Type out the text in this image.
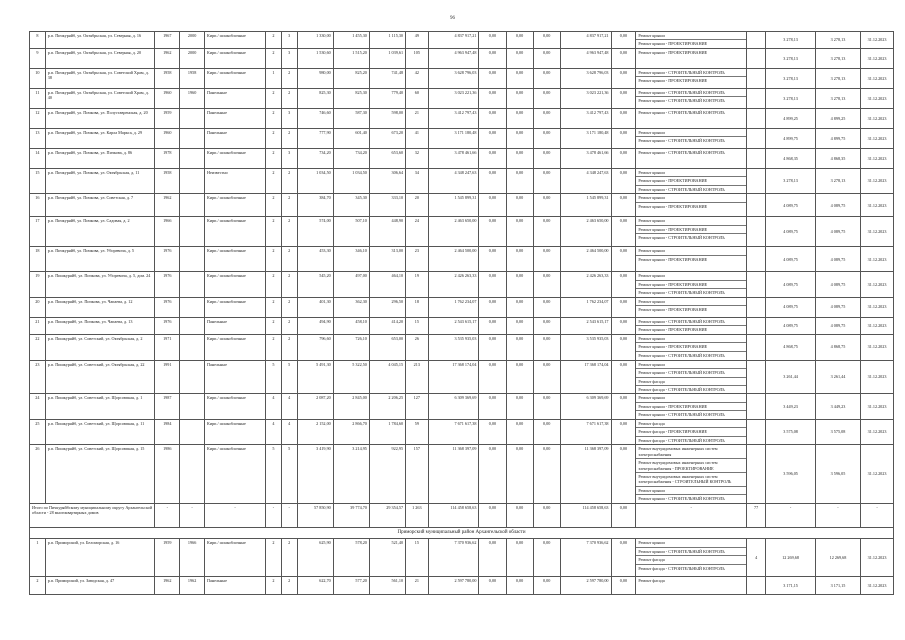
96
8	р.п. Пичкуряйб, ул. Октябрьская, ул. Северная, д. 16	1967	2000	Кирп./ шлакоблочные	2	3	1 330,00	1 455,30	1 115,30	49	4 837 917,21	0,00	0,00	0,00	4 837 917,21	0,00	Ремонт крыши
Ремонт крыши - ПРОЕКТИРОВАНИЕ		3 278,13	3 278,13	31.12.2023
9	р.п. Пичкуряйб, ул. Октябрьская, ул. Северная, д. 20	1962	2000	Кирп./ шлакоблочные	2	3	1 530,60	1 515,20	1 039,61	105	4 963 947,48	0,00	0,00	0,00	4 963 947,48	0,00	Ремонт крыши - ПРОЕКТИРОВАНИЕ		3 278,13	3 278,13	31.12.2023
10	р.п. Пичкуряйб, ул. Октябрьская, ул. Советский Храм, д. 38	1958	1958	Кирп./ шлакоблочные	1	2	980,00	825,20	741,48	42	3 628 796,03	0,00	0,00	0,00	3 628 796,03	0,00	Ремонт крыши - СТРОИТЕЛЬНЫЙ КОНТРОЛЬ
Ремонт крыши - ПРОЕКТИРОВАНИЕ		3 278,13	3 278,13	31.12.2023
11	р.п. Пичкуряйб, ул. Октябрьская, ул. Советский Храм, д. 40	1960	1960	Панельные	2	2	825,30	825,30	779,40	60	3 023 221,36	0,00	0,00	0,00	3 023 221,36	0,00	Ремонт крыши - СТРОИТЕЛЬНЫЙ КОНТРОЛЬ
Ремонт крыши - СТРОИТЕЛЬНЫЙ КОНТРОЛЬ		3 278,13	3 278,13	31.12.2023
12	р.п. Пичкуряйб, ул. Пичкова, ул. Полуставренская, д. 20	1959		Панельные	2	3	746,60	587,30	598,00	21	3 412 797,43	0,00	0,00	0,00	3 412 797,43	0,00	Ремонт крыши - СТРОИТЕЛЬНЫЙ КОНТРОЛЬ		4 899,25	4 899,25	31.12.2023
13	р.п. Пичкуряйб, ул. Пичкова, ул. Карла Маркса, д. 29	1960		Панельные	2	2	777,90	601,40	673,20	41	3 171 180,48	0,00	0,00	0,00	3 171 180,48	0,00	Ремонт крыши
Ремонт крыши - СТРОИТЕЛЬНЫЙ КОНТРОЛЬ		4 899,75	4 899,75	31.12.2023
14	р.п. Пичкуряйб, ул. Пичкова, ул. Пичкова, д. 86	1978		Кирп./ шлакоблочные	2	3	734,20	734,20	653,60	32	3 478 461,66	0,00	0,00	0,00	3 478 461,66	0,00	Ремонт крыши - СТРОИТЕЛЬНЫЙ КОНТРОЛЬ		4 868,35	4 868,35	31.12.2023
15	р.п. Пичкуряйб, ул. Пичкова, ул. Октябрьская, д. 11	1958		Неизвестно	2	2	1 034,50	1 034,50	306,64	34	4 348 247,63	0,00	0,00	0,00	4 348 247,63	0,00	Ремонт крыши
Ремонт крыши - ПРОЕКТИРОВАНИЕ
Ремонт крыши - СТРОИТЕЛЬНЫЙ КОНТРОЛЬ		3 278,13	3 278,13	31.12.2023
16	р.п. Пичкуряйб, ул. Пичкова, ул. Советская, д. 7	1962		Кирп./ шлакоблочные	2	2	384,70	345,30	333,10	20	1 545 899,31	0,00	0,00	0,00	1 545 899,31	0,00	Ремонт крыши
Ремонт крыши - ПРОЕКТИРОВАНИЕ		4 089,75	4 089,75	31.12.2023
17	р.п. Пичкуряйб, ул. Пичкова, ул. Садовая, д. 2	1966		Кирп./ шлакоблочные	2	2	574,00	507,10	448,90	24	2 463 650,00	0,00	0,00	0,00	2 463 650,00	0,00	Ремонт крыши
Ремонт крыши - ПРОЕКТИРОВАНИЕ
Ремонт крыши - СТРОИТЕЛЬНЫЙ КОНТРОЛЬ		4 089,75	4 089,75	31.12.2023
18	р.п. Пичкуряйб, ул. Пичкова, ул. Уборевича, д. 5	1976		Кирп./ шлакоблочные	2	2	453,30	346,10	313,00	23	2 464 500,00	0,00	0,00	0,00	2 464 500,00	0,00	Ремонт крыши
Ремонт крыши - ПРОЕКТИРОВАНИЕ		4 089,75	4 089,75	31.12.2023
19	р.п. Пишкуряйб, ул. Пичкова, ул. Уборевича, д. 5, дом. 24	1976		Кирп./ шлакоблочные	2	2	545,20	497,00	464,10	19	2 426 263,33	0,00	0,00	0,00	2 426 263,33	0,00	Ремонт крыши
Ремонт крыши - ПРОЕКТИРОВАНИЕ
Ремонт крыши - СТРОИТЕЛЬНЫЙ КОНТРОЛЬ		4 089,75	4 089,75	31.12.2023
20	р.п. Пишкуряйб, ул. Пичкова, ул. Чапаева, д. 12	1976		Кирп./ шлакоблочные	2	2	401,30	362,30	296,50	18	1 762 234,07	0,00	0,00	0,00	1 762 234,07	0,00	Ремонт крыши
Ремонт крыши - ПРОЕКТИРОВАНИЕ		4 089,75	4 089,75	31.12.2023
21	р.п. Пишкуряйб, ул. Пичкова, ул. Чапаева, д. 13	1976		Панельные	2	2	494,90	458,10	414,20	15	2 543 615,17	0,00	0,00	0,00	2 543 615,17	0,00	Ремонт крыши - СТРОИТЕЛЬНЫЙ КОНТРОЛЬ
Ремонт крыши - ПРОЕКТИРОВАНИЕ		4 089,75	4 089,75	31.12.2023
22	р.п. Пишкуряйб, ул. Советский, ул. Октябрьская, д. 2	1971		Кирп./ шлакоблочные	2	2	796,60	726,10	653,00	26	3 535 935,03	0,00	0,00	0,00	3 535 935,03	0,00	Ремонт крыши
Ремонт крыши - ПРОЕКТИРОВАНИЕ
Ремонт крыши - СТРОИТЕЛЬНЫЙ КОНТРОЛЬ		4 868,75	4 868,75	31.12.2023
23	р.п. Пишкуряйб, ул. Советский, ул. Октябрьская, д. 22	1991		Панельные	5	5	5 491,30	5 322,50	4 045,15	213	17 368 174,04	0,00	0,00	0,00	17 368 174,04	0,00	Ремонт крыши
Ремонт крыши - СТРОИТЕЛЬНЫЙ КОНТРОЛЬ
Ремонт фасада
Ремонт фасада - СТРОИТЕЛЬНЫЙ КОНТРОЛЬ		3 261,44	3 261,44	31.12.2023
24	р.п. Пишкуряйб, ул. Советский, ул. Щорсовпкая, д. 1	1987		Кирп./ шлакоблочные	4	4	2 087,20	2 845,00	2 206,25	127	6 309 369,69	0,00	0,00	0,00	6 309 369,69	0,00	Ремонт крыши
Ремонт крыши - ПРОЕКТИРОВАНИЕ
Ремонт крыши - СТРОИТЕЛЬНЫЙ КОНТРОЛЬ		3 449,23	3 449,23	31.12.2023
25	р.п. Пишкуряйб, ул. Советский, ул. Щорсовпкая, д. 11	1984		Кирп./ шлакоблочные	4	4	2 152,00	2 866,70	1 784,60	59	7 671 617,38	0,00	0,00	0,00	7 671 617,38	0,00	Ремонт фасада
Ремонт фасада - ПРОЕКТИРОВАНИЕ
Ремонт фасада - СТРОИТЕЛЬНЫЙ КОНТРОЛЬ		3 575,08	3 575,08	31.12.2023
26	р.п. Пишкуряйб, ул. Советский, ул. Щорсовпкая, д. 15	1986		Кирп./ шлакоблочные	5	5	3 419,90	3 214,95	922,95	157	11 368 397,09	0,00	0,00	0,00	11 368 397,09	0,00	Ремонт внутридомовых инженерных систем электроснабжения
Ремонт внутридомовых инженерных систем электроснабжения - ПРОЕКТИРОВАНИЕ
Ремонт внутридомовых инженерных систем электроснабжения - СТРОИТЕЛЬНЫЙ КОНТРОЛЬ
Ремонт крыши
Ремонт крыши - СТРОИТЕЛЬНЫЙ КОНТРОЛЬ		3 596,05	3 596,05	31.12.2023
Итого по Пичкуряйбскому муниципальному округу Архангельской области - 28 многоквартирных домов		-	-	-	-	-	57 850,90	39 774,70	29 354,57	1 263	114 458 658,63	0,00	0,00	0,00	114 458 658,63	0,00	-	77	-	-	-
Приморский муниципальный район Архангельской области																					
1	р.п. Приморский, ул. Беломорская, д. 16	1959	1966	Кирп./ шлакоблочные	2	2	625,90	578,20	521,40	15	7 370 936,62	0,00	0,00	0,00	7 370 936,62	0,00	Ремонт крыши
Ремонт крыши - СТРОИТЕЛЬНЫЙ КОНТРОЛЬ
Ремонт фасада
Ремонт фасада - СТРОИТЕЛЬНЫЙ КОНТРОЛЬ	4	12 269,68	12 269,68	31.12.2023
2	р.п. Приморский, ул. Заводская, д. 47	1962	1962	Панельные	2	2	622,70	577,20	561,10	21	2 597 780,00	0,00	0,00	0,00	2 597 780,00	0,00	Ремонт фасада		3 171,15	3 171,15	31.12.2023
